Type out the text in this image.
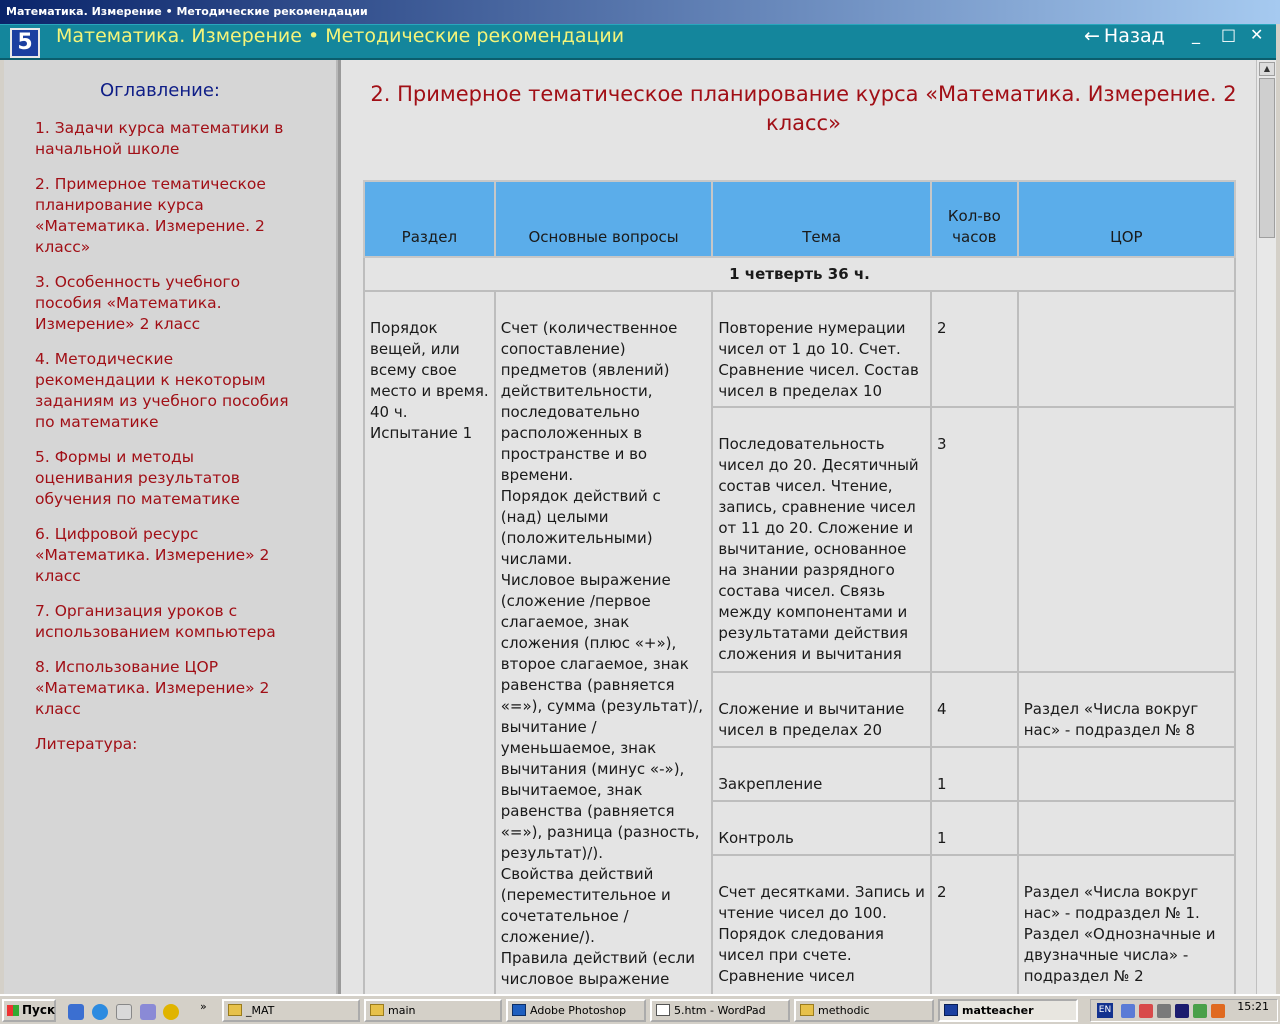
Математика. Измерение • Методические рекомендации
5	Математика. Измерение • Методические рекомендации	← Назад _ □ ✕
Оглавление:
1. Задачи курса математики в начальной школе
2. Примерное тематическое планирование курса «Математика. Измерение. 2 класс»
3. Особенность учебного пособия «Математика. Измерение» 2 класс
4. Методические рекомендации к некоторым заданиям из учебного пособия по математике
5. Формы и методы оценивания результатов обучения по математике
6. Цифровой ресурс «Математика. Измерение» 2 класс
7. Организация уроков с использованием компьютера
8. Использование ЦОР «Математика. Измерение» 2 класс
Литература:
2. Примерное тематическое планирование курса «Математика. Измерение. 2 класс»
Раздел	Основные вопросы	Тема	Кол-во часов	ЦОР
1 четверть 36 ч.				
Порядок вещей, или всему свое место и время. 40 ч. Испытание 1	Счет (количественное сопоставление) предметов (явлений) действительности, последовательно расположенных в пространстве и во времени.
Порядок действий с (над) целыми (положительными) числами.
Числовое выражение (сложение /первое слагаемое, знак сложения (плюс «+»), второе слагаемое, знак равенства (равняется «=»), сумма (результат)/, вычитание /уменьшаемое, знак вычитания (минус «-»), вычитаемое, знак равенства (равняется «=»), разница (разность, результат)/).
Свойства действий (переместительное и сочетательное /сложение/).
Правила действий (если числовое выражение	Повторение нумерации чисел от 1 до 10. Счет. Сравнение чисел. Состав чисел в пределах 10	2	
		Последовательность чисел до 20. Десятичный состав чисел. Чтение, запись, сравнение чисел от 11 до 20. Сложение и вычитание, основанное на знании разрядного состава чисел. Связь между компонентами и результатами действия сложения и вычитания	3	
		Сложение и вычитание чисел в пределах 20	4	Раздел «Числа вокруг нас» - подраздел № 8
		Закрепление	1	
		Контроль	1	
		Счет десятками. Запись и чтение чисел до 100. Порядок следования чисел при счете. Сравнение чисел	2	Раздел «Числа вокруг нас» - подраздел № 1. Раздел «Однозначные и двузначные числа» - подраздел № 2
▲
Пуск	»	_MAT	main	Adobe Photoshop	5.htm - WordPad	methodic	matteacher	EN	15:21
